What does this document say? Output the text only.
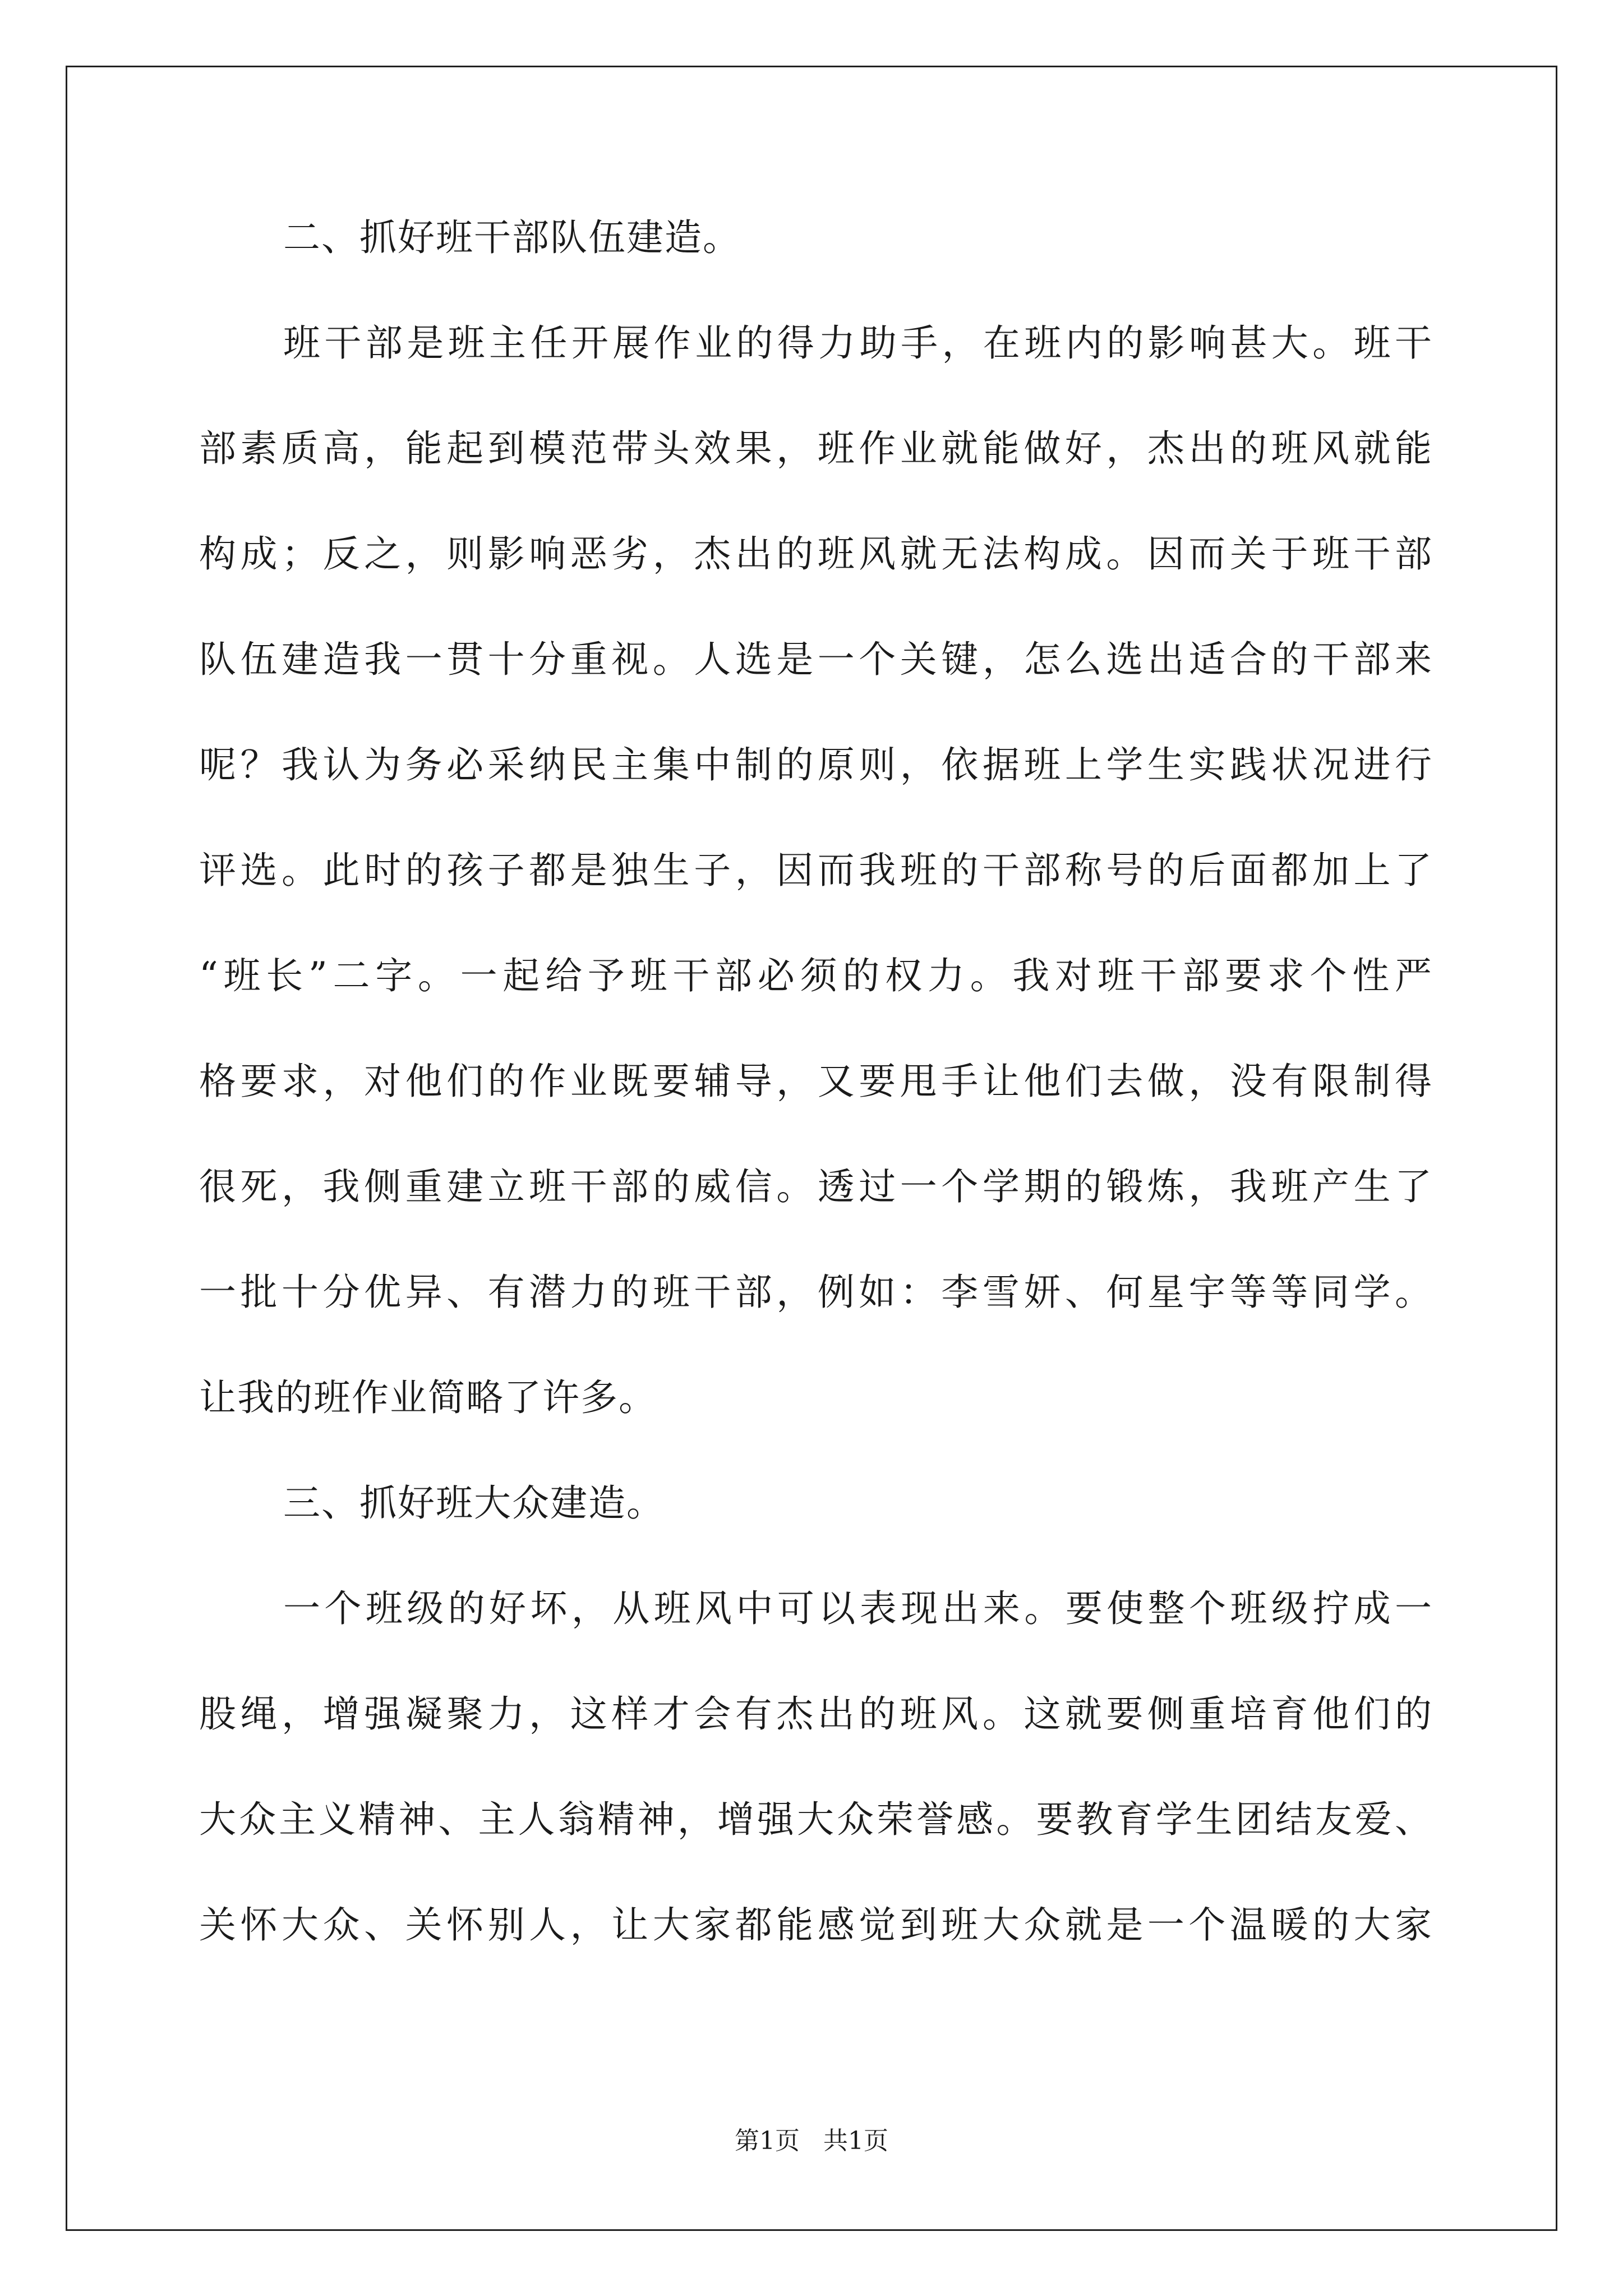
二、抓好班干部队伍建造。
班干部是班主任开展作业的得力助手，在班内的影响甚大。班干
部素质高，能起到模范带头效果，班作业就能做好，杰出的班风就能
构成；反之，则影响恶劣，杰出的班风就无法构成。因而关于班干部
队伍建造我一贯十分重视。人选是一个关键，怎么选出适合的干部来
呢？我认为务必采纳民主集中制的原则，依据班上学生实践状况进行
评选。此时的孩子都是独生子，因而我班的干部称号的后面都加上了
“班长”二字。一起给予班干部必须的权力。我对班干部要求个性严
格要求，对他们的作业既要辅导，又要甩手让他们去做，没有限制得
很死，我侧重建立班干部的威信。透过一个学期的锻炼，我班产生了
一批十分优异、有潜力的班干部，例如：李雪妍、何星宇等等同学。
让我的班作业简略了许多。
三、抓好班大众建造。
一个班级的好坏，从班风中可以表现出来。要使整个班级拧成一
股绳，增强凝聚力，这样才会有杰出的班风。这就要侧重培育他们的
大众主义精神、主人翁精神，增强大众荣誉感。要教育学生团结友爱、
关怀大众、关怀别人，让大家都能感觉到班大众就是一个温暖的大家
第1页 共1页
